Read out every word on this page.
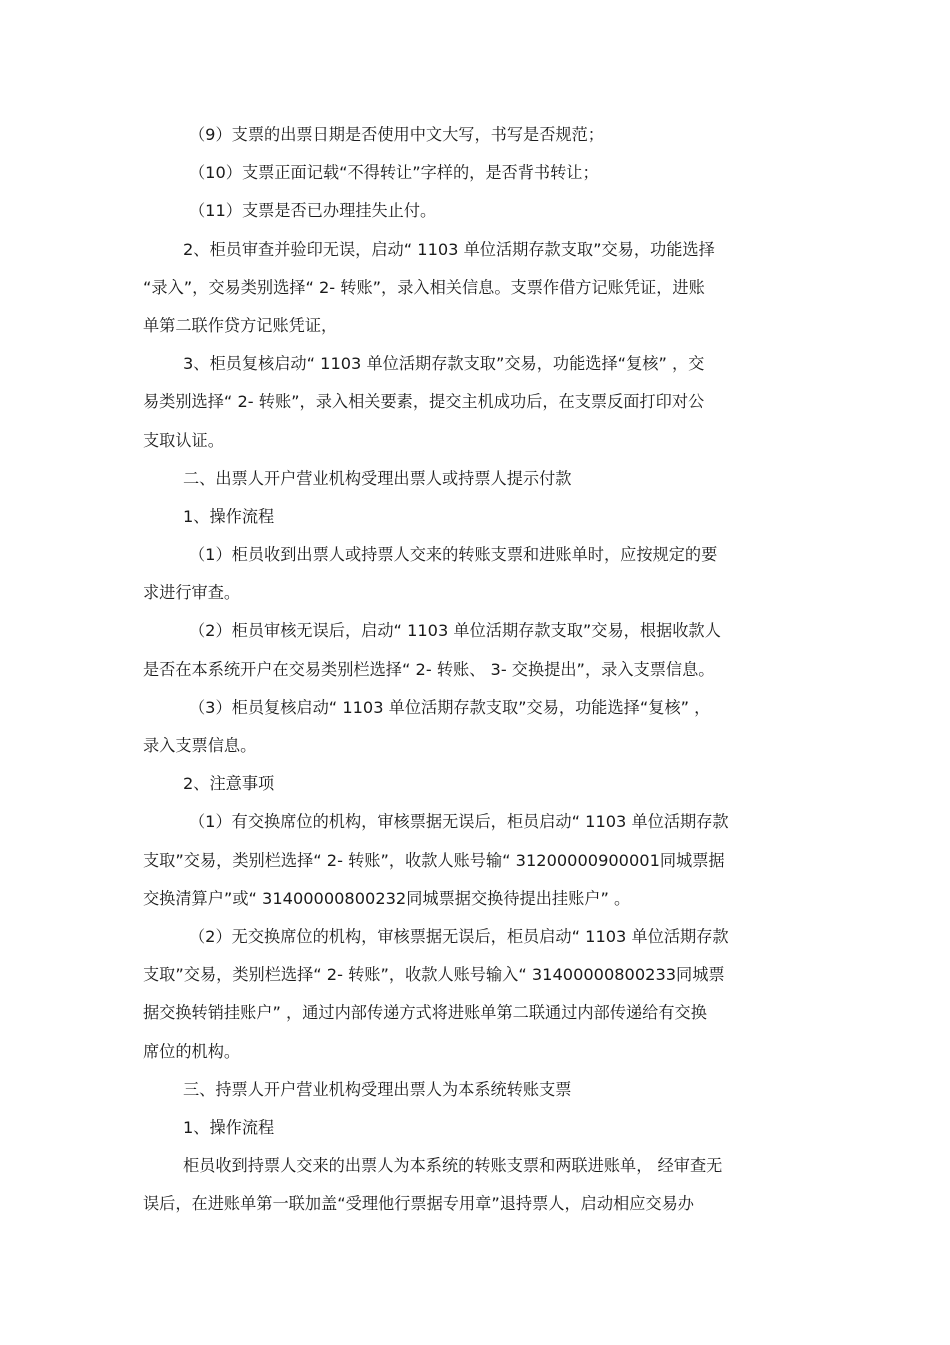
（9）支票的出票日期是否使用中文大写，书写是否规范；
（10）支票正面记载“不得转让”字样的，是否背书转让；
（11）支票是否已办理挂失止付。
2、柜员审查并验印无误，启动“ 1103 单位活期存款支取”交易，功能选择
“录入”，交易类别选择“ 2- 转账”，录入相关信息。支票作借方记账凭证，进账
单第二联作贷方记账凭证，
3、柜员复核启动“ 1103 单位活期存款支取”交易，功能选择“复核” ，交
易类别选择“ 2- 转账”，录入相关要素，提交主机成功后，在支票反面打印对公
支取认证。
二、出票人开户营业机构受理出票人或持票人提示付款
1、操作流程
（1）柜员收到出票人或持票人交来的转账支票和进账单时，应按规定的要
求进行审查。
（2）柜员审核无误后，启动“ 1103 单位活期存款支取”交易，根据收款人
是否在本系统开户在交易类别栏选择“ 2- 转账、 3- 交换提出”，录入支票信息。
（3）柜员复核启动“ 1103 单位活期存款支取”交易，功能选择“复核” ，
录入支票信息。
2、注意事项
（1）有交换席位的机构，审核票据无误后，柜员启动“ 1103 单位活期存款
支取”交易，类别栏选择“ 2- 转账”，收款人账号输“ 31200000900001同城票据
交换清算户”或“ 31400000800232同城票据交换待提出挂账户” 。
（2）无交换席位的机构，审核票据无误后，柜员启动“ 1103 单位活期存款
支取”交易，类别栏选择“ 2- 转账”，收款人账号输入“ 31400000800233同城票
据交换转销挂账户” ，通过内部传递方式将进账单第二联通过内部传递给有交换
席位的机构。
三、持票人开户营业机构受理出票人为本系统转账支票
1、操作流程
柜员收到持票人交来的出票人为本系统的转账支票和两联进账单， 经审查无
误后，在进账单第一联加盖“受理他行票据专用章”退持票人，启动相应交易办
